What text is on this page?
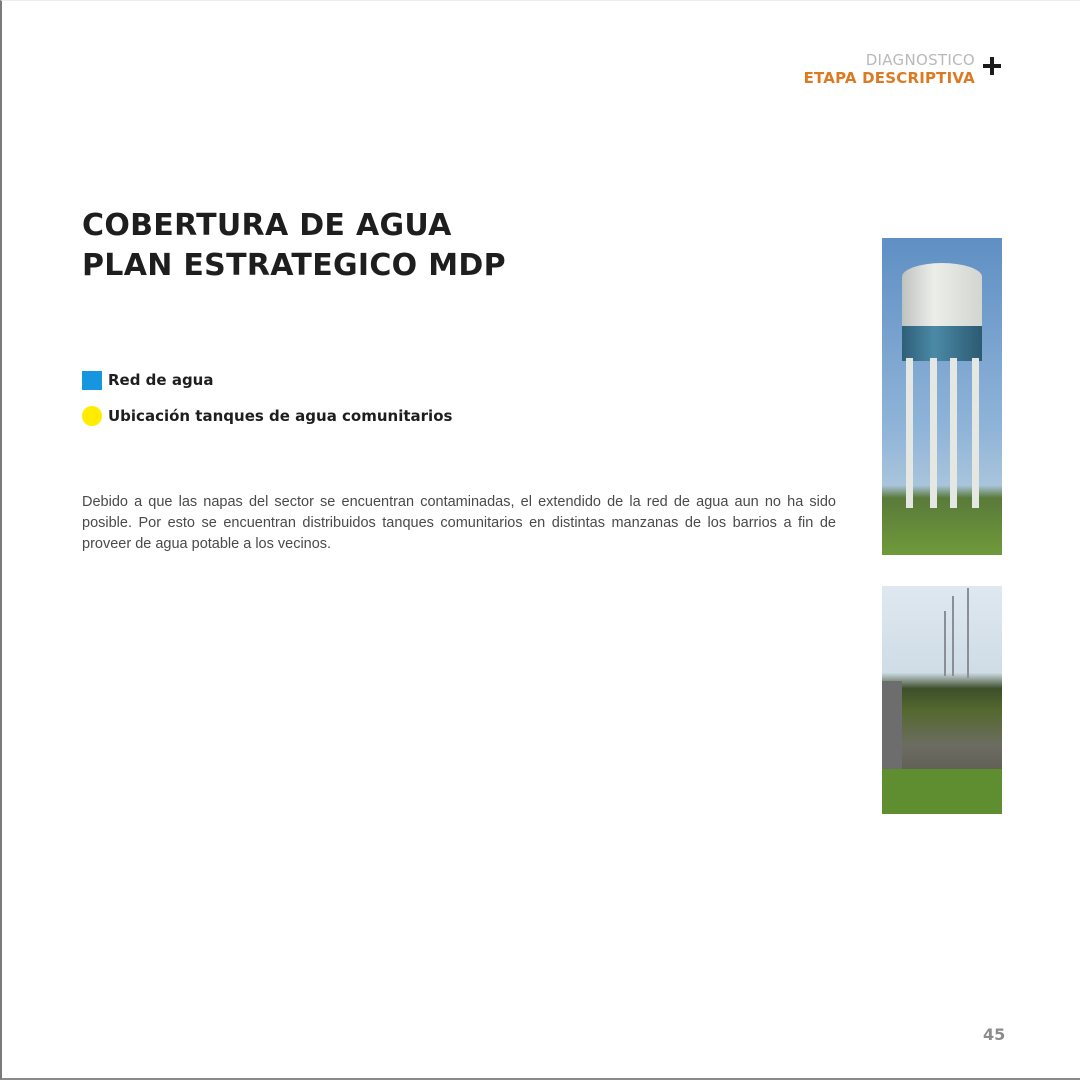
DIAGNOSTICO
ETAPA DESCRIPTIVA
COBERTURA DE AGUA
PLAN ESTRATEGICO MDP
Red de agua
Ubicación tanques de agua comunitarios

Debido a que las napas del sector se encuentran contaminadas, el extendido de la red de agua aun no ha sido posible. Por esto se encuentran distribuidos tanques comunitarios en distintas manzanas de los barrios a fin de proveer de agua potable a los vecinos.

45
